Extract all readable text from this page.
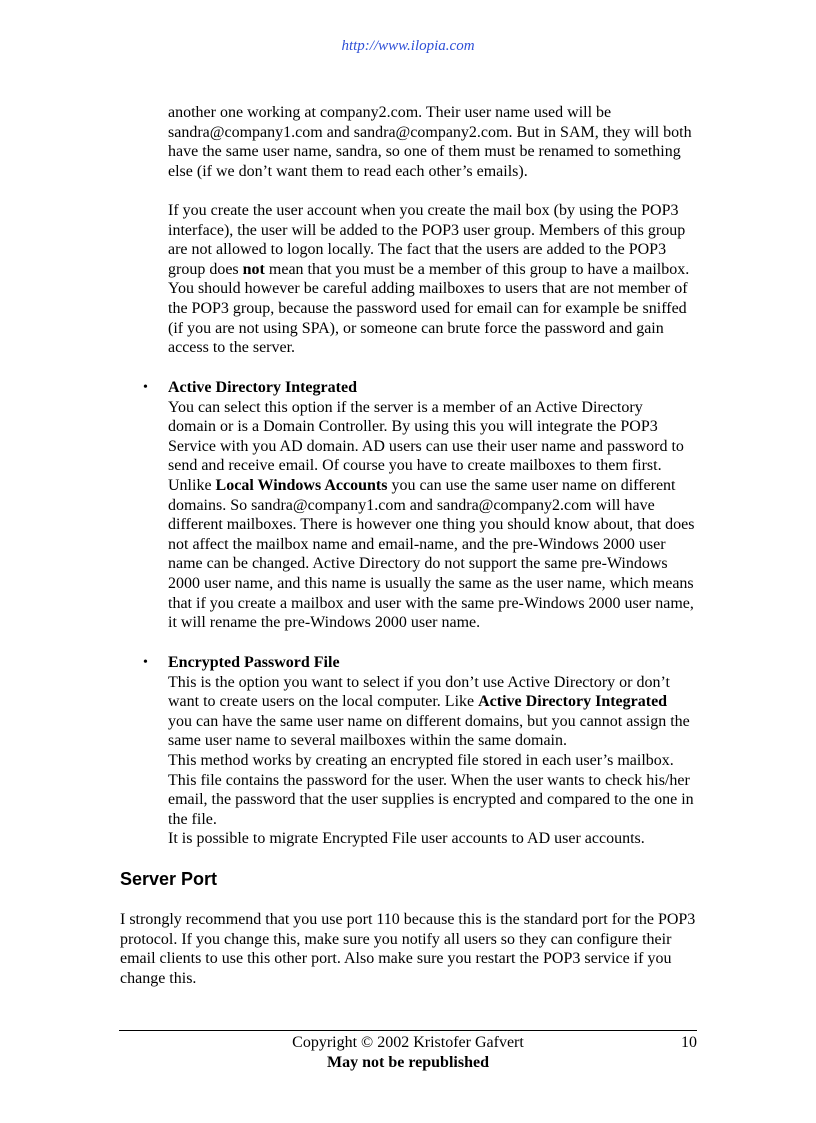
http://www.ilopia.com

another one working at company2.com. Their user name used will be
sandra@company1.com and sandra@company2.com. But in SAM, they will both
have the same user name, sandra, so one of them must be renamed to something
else (if we don’t want them to read each other’s emails).

If you create the user account when you create the mail box (by using the POP3
interface), the user will be added to the POP3 user group. Members of this group
are not allowed to logon locally. The fact that the users are added to the POP3
group does not mean that you must be a member of this group to have a mailbox.
You should however be careful adding mailboxes to users that are not member of
the POP3 group, because the password used for email can for example be sniffed
(if you are not using SPA), or someone can brute force the password and gain
access to the server.

• Active Directory Integrated
You can select this option if the server is a member of an Active Directory
domain or is a Domain Controller. By using this you will integrate the POP3
Service with you AD domain. AD users can use their user name and password to
send and receive email. Of course you have to create mailboxes to them first.
Unlike Local Windows Accounts you can use the same user name on different
domains. So sandra@company1.com and sandra@company2.com will have
different mailboxes. There is however one thing you should know about, that does
not affect the mailbox name and email-name, and the pre-Windows 2000 user
name can be changed. Active Directory do not support the same pre-Windows
2000 user name, and this name is usually the same as the user name, which means
that if you create a mailbox and user with the same pre-Windows 2000 user name,
it will rename the pre-Windows 2000 user name.
• Encrypted Password File
This is the option you want to select if you don’t use Active Directory or don’t
want to create users on the local computer. Like Active Directory Integrated
you can have the same user name on different domains, but you cannot assign the
same user name to several mailboxes within the same domain.
This method works by creating an encrypted file stored in each user’s mailbox.
This file contains the password for the user. When the user wants to check his/her
email, the password that the user supplies is encrypted and compared to the one in
the file.
It is possible to migrate Encrypted File user accounts to AD user accounts.
Server Port

I strongly recommend that you use port 110 because this is the standard port for the POP3
protocol. If you change this, make sure you notify all users so they can configure their
email clients to use this other port. Also make sure you restart the POP3 service if you
change this.

Copyright © 2002 Kristofer Gafvert	10
May not be republished
